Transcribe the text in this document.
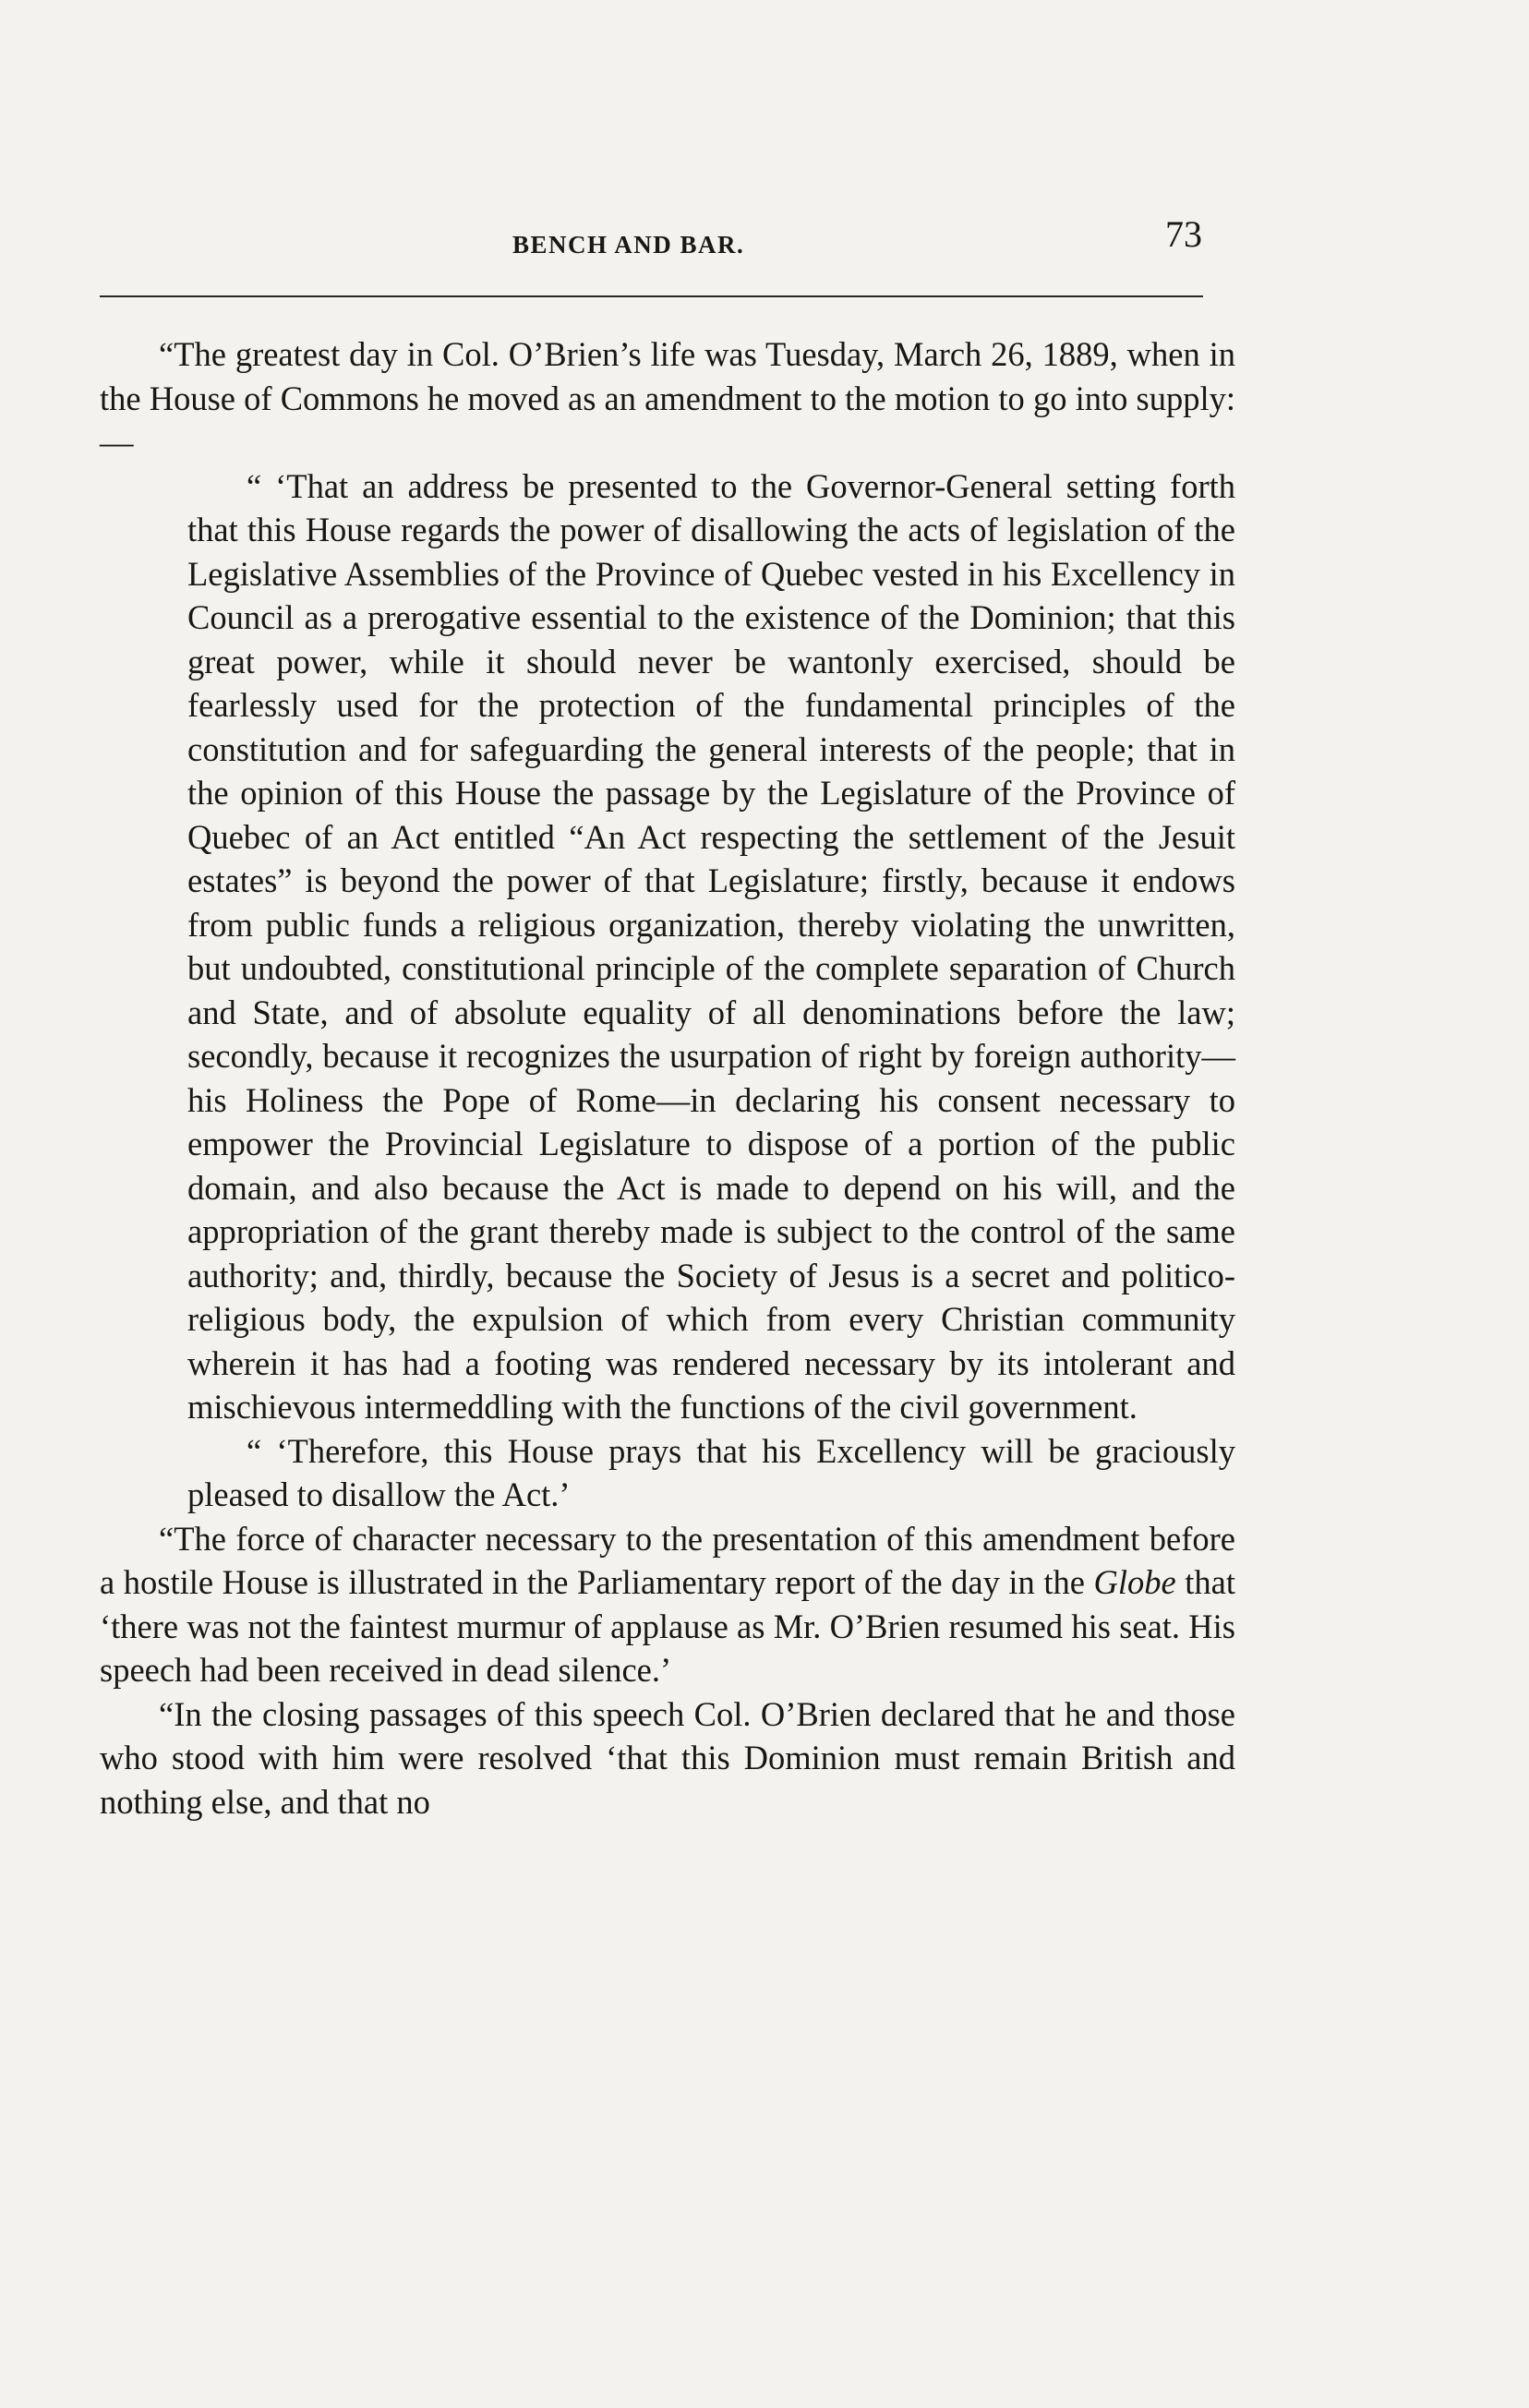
BENCH AND BAR.	73

“The greatest day in Col. O’Brien’s life was Tuesday, March 26, 1889, when in the House of Commons he moved as an amendment to the motion to go into supply:—

“ ‘That an address be presented to the Governor-General setting forth that this House regards the power of disallowing the acts of legislation of the Legislative Assemblies of the Province of Quebec vested in his Excellency in Council as a prerogative essential to the existence of the Dominion; that this great power, while it should never be wantonly exercised, should be fearlessly used for the protection of the fundamental principles of the constitution and for safeguarding the general interests of the people; that in the opinion of this House the passage by the Legislature of the Province of Quebec of an Act entitled “An Act respecting the settlement of the Jesuit estates” is beyond the power of that Legislature; firstly, because it endows from public funds a religious organization, thereby violating the unwritten, but undoubted, constitutional principle of the complete separation of Church and State, and of absolute equality of all denominations before the law; secondly, because it recognizes the usurpation of right by foreign authority—his Holiness the Pope of Rome—in declaring his consent necessary to empower the Provincial Legislature to dispose of a portion of the public domain, and also because the Act is made to depend on his will, and the appropriation of the grant thereby made is subject to the control of the same authority; and, thirdly, because the Society of Jesus is a secret and politico-religious body, the expulsion of which from every Christian community wherein it has had a footing was rendered necessary by its intolerant and mischievous intermeddling with the functions of the civil government.

“ ‘Therefore, this House prays that his Excellency will be graciously pleased to disallow the Act.’

“The force of character necessary to the presentation of this amendment before a hostile House is illustrated in the Parliamentary report of the day in the Globe that ‘there was not the faintest murmur of applause as Mr. O’Brien resumed his seat. His speech had been received in dead silence.’

“In the closing passages of this speech Col. O’Brien declared that he and those who stood with him were resolved ‘that this Dominion must remain British and nothing else, and that no
